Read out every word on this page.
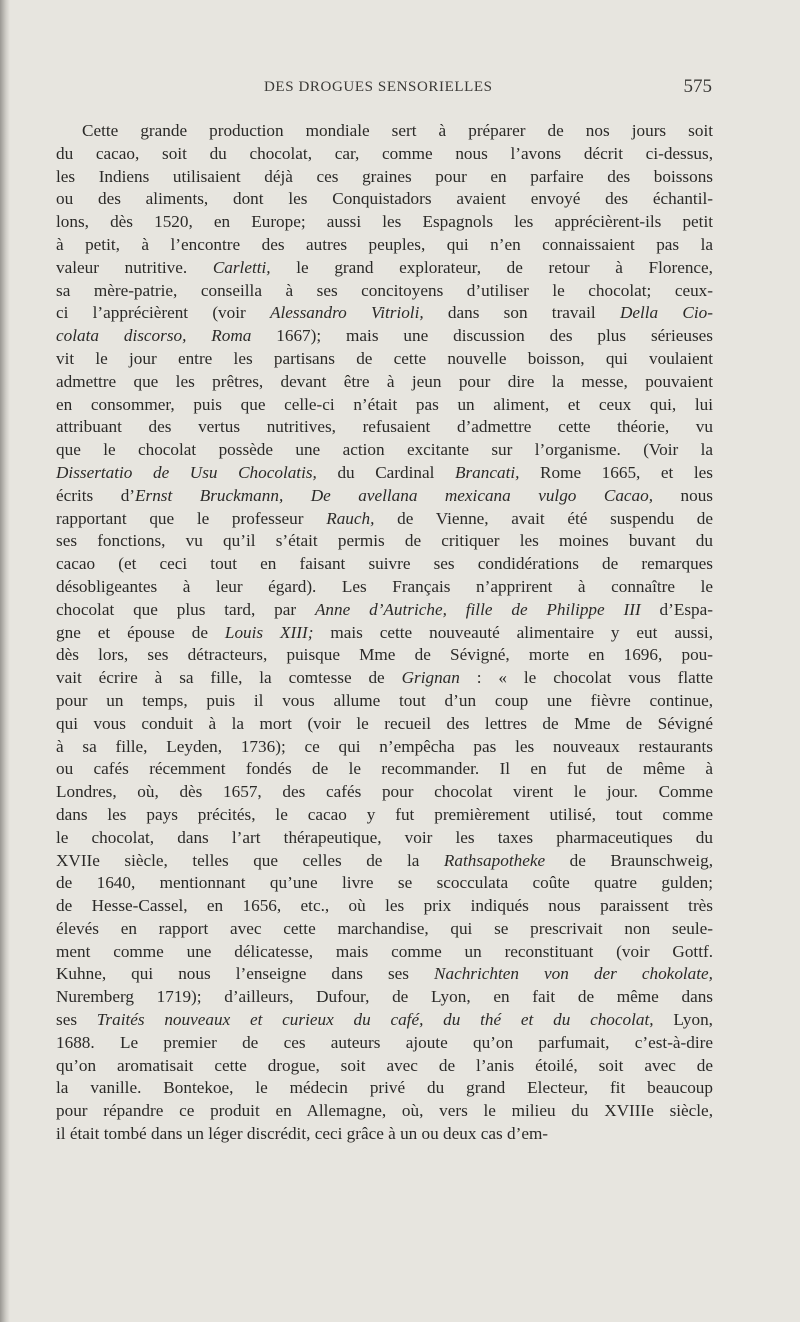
DES DROGUES SENSORIELLES	575
Cette grande production mondiale sert à préparer de nos jours soit
du cacao, soit du chocolat, car, comme nous l’avons décrit ci-dessus,
les Indiens utilisaient déjà ces graines pour en parfaire des boissons
ou des aliments, dont les Conquistadors avaient envoyé des échantil-
lons, dès 1520, en Europe; aussi les Espagnols les apprécièrent-ils petit
à petit, à l’encontre des autres peuples, qui n’en connaissaient pas la
valeur nutritive. Carletti, le grand explorateur, de retour à Florence,
sa mère-patrie, conseilla à ses concitoyens d’utiliser le chocolat; ceux-
ci l’apprécièrent (voir Alessandro Vitrioli, dans son travail Della Cio-
colata discorso, Roma 1667); mais une discussion des plus sérieuses
vit le jour entre les partisans de cette nouvelle boisson, qui voulaient
admettre que les prêtres, devant être à jeun pour dire la messe, pouvaient
en consommer, puis que celle-ci n’était pas un aliment, et ceux qui, lui
attribuant des vertus nutritives, refusaient d’admettre cette théorie, vu
que le chocolat possède une action excitante sur l’organisme. (Voir la
Dissertatio de Usu Chocolatis, du Cardinal Brancati, Rome 1665, et les
écrits d’Ernst Bruckmann, De avellana mexicana vulgo Cacao, nous
rapportant que le professeur Rauch, de Vienne, avait été suspendu de
ses fonctions, vu qu’il s’était permis de critiquer les moines buvant du
cacao (et ceci tout en faisant suivre ses condidérations de remarques
désobligeantes à leur égard). Les Français n’apprirent à connaître le
chocolat que plus tard, par Anne d’Autriche, fille de Philippe III d’Espa-
gne et épouse de Louis XIII; mais cette nouveauté alimentaire y eut aussi,
dès lors, ses détracteurs, puisque Mme de Sévigné, morte en 1696, pou-
vait écrire à sa fille, la comtesse de Grignan : « le chocolat vous flatte
pour un temps, puis il vous allume tout d’un coup une fièvre continue,
qui vous conduit à la mort (voir le recueil des lettres de Mme de Sévigné
à sa fille, Leyden, 1736); ce qui n’empêcha pas les nouveaux restaurants
ou cafés récemment fondés de le recommander. Il en fut de même à
Londres, où, dès 1657, des cafés pour chocolat virent le jour. Comme
dans les pays précités, le cacao y fut premièrement utilisé, tout comme
le chocolat, dans l’art thérapeutique, voir les taxes pharmaceutiques du
XVIIe siècle, telles que celles de la Rathsapotheke de Braunschweig,
de 1640, mentionnant qu’une livre se scocculata coûte quatre gulden;
de Hesse-Cassel, en 1656, etc., où les prix indiqués nous paraissent très
élevés en rapport avec cette marchandise, qui se prescrivait non seule-
ment comme une délicatesse, mais comme un reconstituant (voir Gottf.
Kuhne, qui nous l’enseigne dans ses Nachrichten von der chokolate,
Nuremberg 1719); d’ailleurs, Dufour, de Lyon, en fait de même dans
ses Traités nouveaux et curieux du café, du thé et du chocolat, Lyon,
1688. Le premier de ces auteurs ajoute qu’on parfumait, c’est-à-dire
qu’on aromatisait cette drogue, soit avec de l’anis étoilé, soit avec de
la vanille. Bontekoe, le médecin privé du grand Electeur, fit beaucoup
pour répandre ce produit en Allemagne, où, vers le milieu du XVIIIe siècle,
il était tombé dans un léger discrédit, ceci grâce à un ou deux cas d’em-
